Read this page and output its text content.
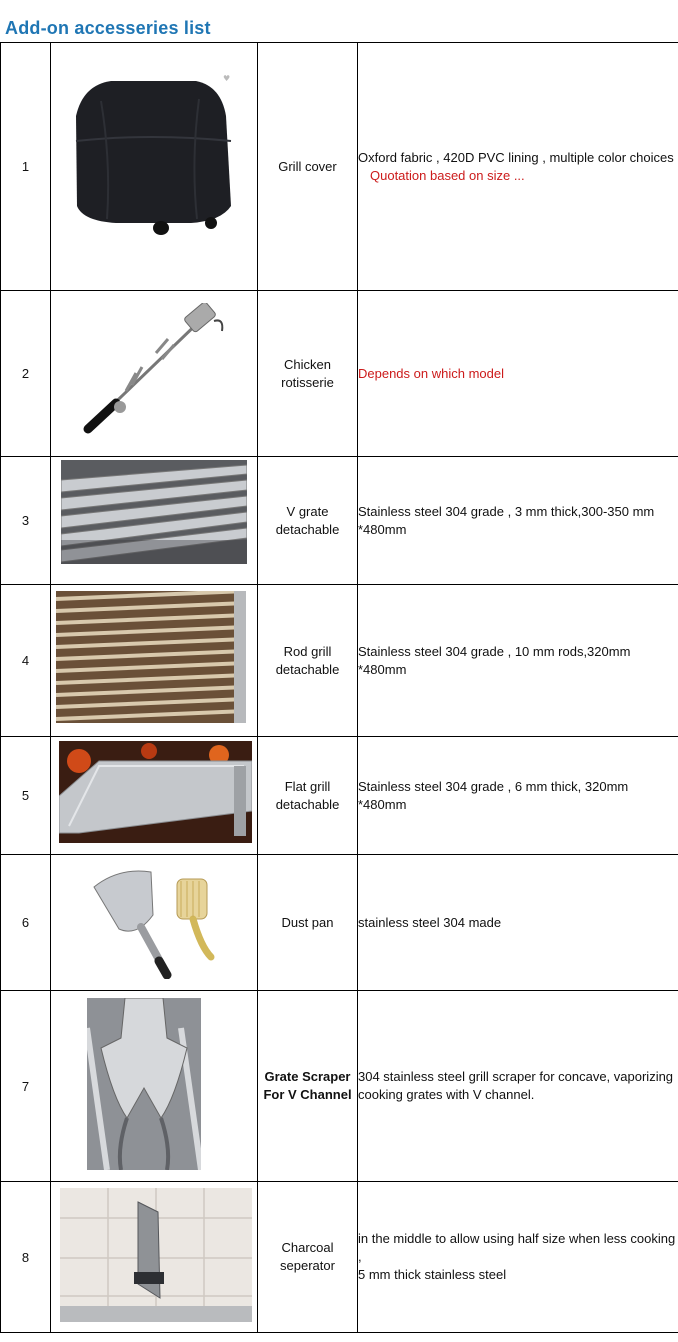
Add-on accesseries list
1	♥	Grill cover	Oxford fabric , 420D PVC lining , multiple color choices
Quotation based on size ...

2		Chicken rotisserie	Depends on which model

3		V grate detachable	Stainless steel 304 grade , 3 mm thick,300-350 mm *480mm

4		Rod grill detachable	Stainless steel 304 grade , 10 mm rods,320mm *480mm

5		Flat grill detachable	Stainless steel 304 grade , 6 mm thick, 320mm *480mm

6		Dust pan	stainless steel 304 made

7		Grate Scraper For V Channel	304 stainless steel grill scraper for concave, vaporizing cooking grates with V channel.

8		Charcoal seperator	in the middle to allow using half size when less cooking ,
5 mm thick stainless steel
